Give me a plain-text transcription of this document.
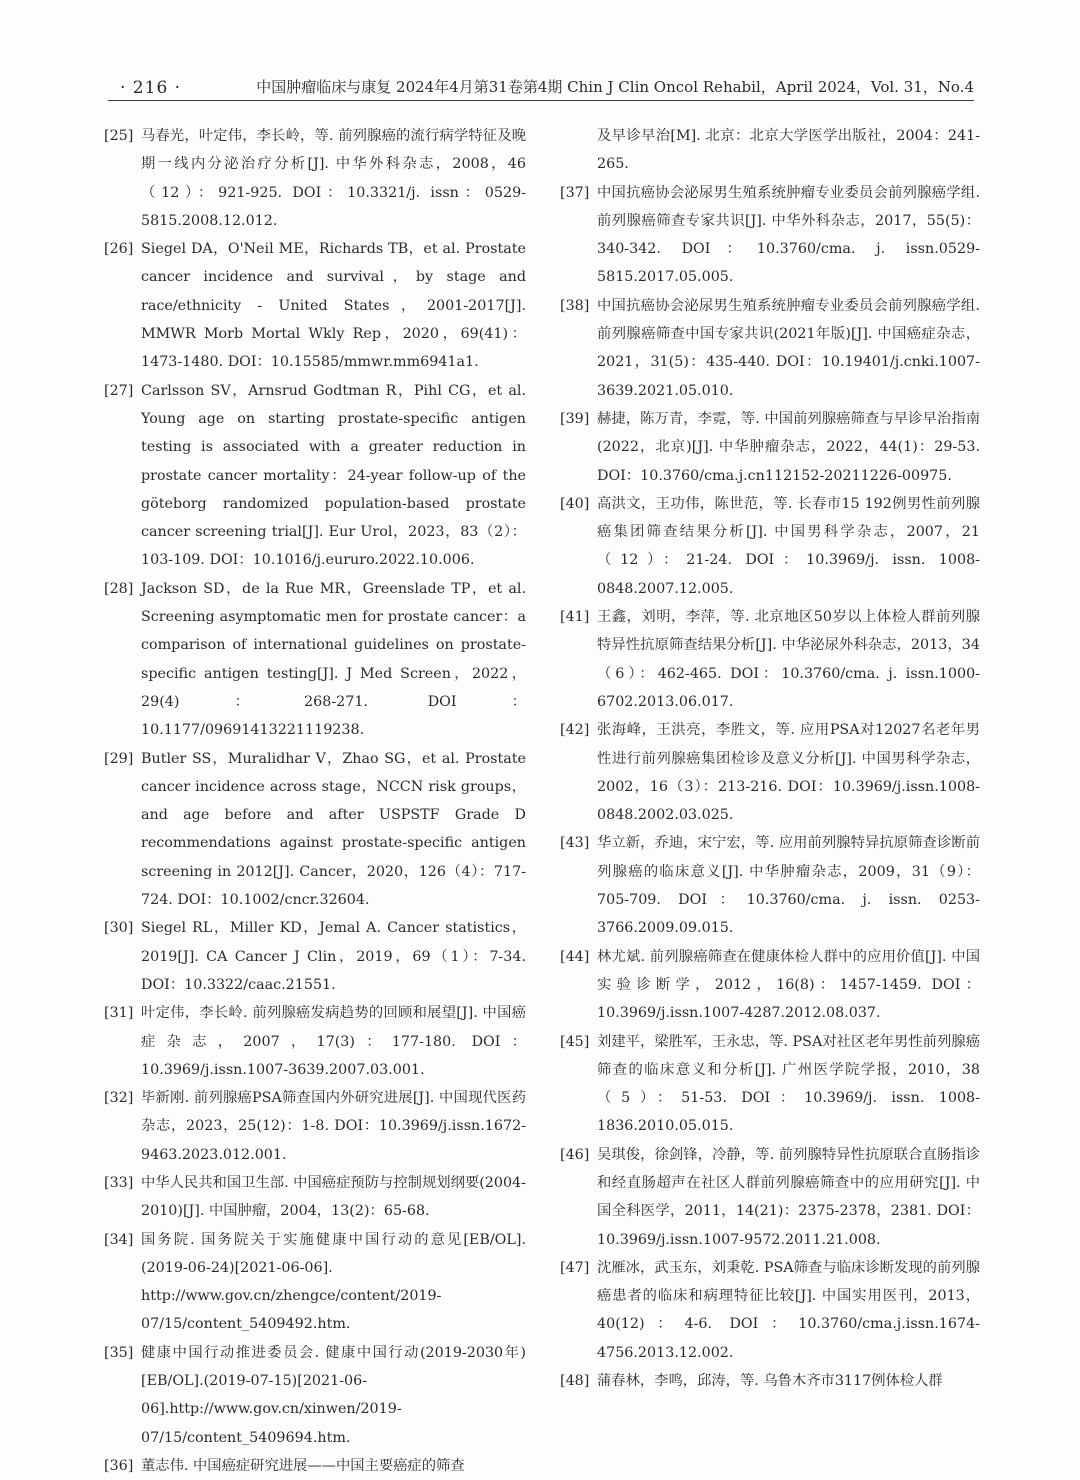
· 216 ·	中国肿瘤临床与康复 2024年4月第31卷第4期 Chin J Clin Oncol Rehabil，April 2024，Vol. 31，No.4
[25] 马春光，叶定伟，李长岭，等. 前列腺癌的流行病学特征及晚期一线内分泌治疗分析[J]. 中华外科杂志，2008，46（12）：921-925. DOI：10.3321/j. issn：0529-5815.2008.12.012.
[26] Siegel DA，O'Neil ME，Richards TB，et al. Prostate cancer incidence and survival，by stage and race/ethnicity - United States，2001-2017[J]. MMWR Morb Mortal Wkly Rep，2020，69(41)：1473-1480. DOI：10.15585/mmwr.mm6941a1.
[27] Carlsson SV，Arnsrud Godtman R，Pihl CG，et al. Young age on starting prostate-specific antigen testing is associated with a greater reduction in prostate cancer mortality：24-year follow-up of the göteborg randomized population-based prostate cancer screening trial[J]. Eur Urol，2023，83（2）：103-109. DOI：10.1016/j.eururo.2022.10.006.
[28] Jackson SD，de la Rue MR，Greenslade TP，et al. Screening asymptomatic men for prostate cancer：a comparison of international guidelines on prostate-specific antigen testing[J]. J Med Screen，2022，29(4)：268-271. DOI：10.1177/09691413221119238.
[29] Butler SS，Muralidhar V，Zhao SG，et al. Prostate cancer incidence across stage，NCCN risk groups，and age before and after USPSTF Grade D recommendations against prostate-specific antigen screening in 2012[J]. Cancer，2020，126（4）：717-724. DOI：10.1002/cncr.32604.
[30] Siegel RL，Miller KD，Jemal A. Cancer statistics，2019[J]. CA Cancer J Clin，2019，69（1）：7-34. DOI：10.3322/caac.21551.
[31] 叶定伟，李长岭. 前列腺癌发病趋势的回顾和展望[J]. 中国癌症杂志，2007，17(3)：177-180. DOI：10.3969/j.issn.1007-3639.2007.03.001.
[32] 毕新刚. 前列腺癌PSA筛查国内外研究进展[J]. 中国现代医药杂志，2023，25(12)：1-8. DOI：10.3969/j.issn.1672-9463.2023.012.001.
[33] 中华人民共和国卫生部. 中国癌症预防与控制规划纲要(2004-2010)[J]. 中国肿瘤，2004，13(2)：65-68.
[34] 国务院. 国务院关于实施健康中国行动的意见[EB/OL].(2019-06-24)[2021-06-06]. http://www.gov.cn/zhengce/content/2019-07/15/content_5409492.htm.
[35] 健康中国行动推进委员会. 健康中国行动(2019-2030年)[EB/OL].(2019-07-15)[2021-06-06].http://www.gov.cn/xinwen/2019-07/15/content_5409694.htm.
[36] 董志伟. 中国癌症研究进展——中国主要癌症的筛查
及早诊早治[M]. 北京：北京大学医学出版社，2004：241-265.
[37] 中国抗癌协会泌尿男生殖系统肿瘤专业委员会前列腺癌学组. 前列腺癌筛查专家共识[J]. 中华外科杂志，2017，55(5)：340-342. DOI：10.3760/cma. j. issn.0529-5815.2017.05.005.
[38] 中国抗癌协会泌尿男生殖系统肿瘤专业委员会前列腺癌学组. 前列腺癌筛查中国专家共识(2021年版)[J]. 中国癌症杂志，2021，31(5)：435-440. DOI：10.19401/j.cnki.1007-3639.2021.05.010.
[39] 赫捷，陈万青，李霓，等. 中国前列腺癌筛查与早诊早治指南(2022，北京)[J]. 中华肿瘤杂志，2022，44(1)：29-53. DOI：10.3760/cma.j.cn112152-20211226-00975.
[40] 高洪文，王功伟，陈世范，等. 长春市15 192例男性前列腺癌集团筛查结果分析[J]. 中国男科学杂志，2007，21（12）：21-24. DOI：10.3969/j. issn. 1008-0848.2007.12.005.
[41] 王鑫，刘明，李萍，等. 北京地区50岁以上体检人群前列腺特异性抗原筛查结果分析[J]. 中华泌尿外科杂志，2013，34（6）：462-465. DOI：10.3760/cma. j. issn.1000-6702.2013.06.017.
[42] 张海峰，王洪亮，李胜文，等. 应用PSA对12027名老年男性进行前列腺癌集团检诊及意义分析[J]. 中国男科学杂志，2002，16（3）：213-216. DOI：10.3969/j.issn.1008-0848.2002.03.025.
[43] 华立新，乔迪，宋宁宏，等. 应用前列腺特异抗原筛查诊断前列腺癌的临床意义[J]. 中华肿瘤杂志，2009，31（9）：705-709. DOI：10.3760/cma. j. issn. 0253-3766.2009.09.015.
[44] 林尤斌. 前列腺癌筛查在健康体检人群中的应用价值[J]. 中国实验诊断学，2012，16(8)：1457-1459. DOI：10.3969/j.issn.1007-4287.2012.08.037.
[45] 刘建平，梁胜军，王永忠，等. PSA对社区老年男性前列腺癌筛查的临床意义和分析[J]. 广州医学院学报，2010，38（5）：51-53. DOI：10.3969/j. issn. 1008-1836.2010.05.015.
[46] 吴琪俊，徐剑锋，冷静，等. 前列腺特异性抗原联合直肠指诊和经直肠超声在社区人群前列腺癌筛查中的应用研究[J]. 中国全科医学，2011，14(21)：2375-2378，2381. DOI：10.3969/j.issn.1007-9572.2011.21.008.
[47] 沈雁冰，武玉东，刘秉乾. PSA筛查与临床诊断发现的前列腺癌患者的临床和病理特征比较[J]. 中国实用医刊，2013，40(12)：4-6. DOI：10.3760/cma.j.issn.1674-4756.2013.12.002.
[48] 蒲春林，李鸣，邱涛，等. 乌鲁木齐市3117例体检人群
